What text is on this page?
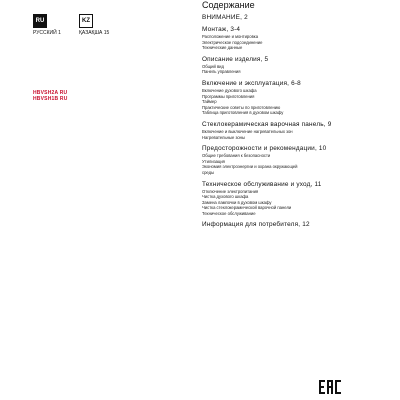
RU
РУССКИЙ 1
KZ
ҚАЗАҚША 15
HBVSH2A RU
HBVSH1B RU
Содержание
ВНИМАНИЕ, 2
Монтаж, 3-4
Расположение и монтировка
Электрическое подсоединение
Технические данные
Описание изделия, 5
Общий вид
Панель управления
Включение и эксплуатация, 6-8
Включение духового шкафа
Программы приготовления
Таймер
Практические советы по приготовлению
Таблица приготовления в духовом шкафу
Стеклокерамическая варочная панель, 9
Включение и выключение нагревательных зон
Нагревательные зоны
Предосторожности и рекомендации, 10
Общие требования к безопасности
Утилизация
Экономия электроэнергии и охрана окружающей
среды
Техническое обслуживание и уход, 11
Отключение электропитания
Чистка духового шкафа
Замена лампочки в духовом шкафу
Чистка стеклокерамической варочной панели
Техническое обслуживание
Информация для потребителя, 12
